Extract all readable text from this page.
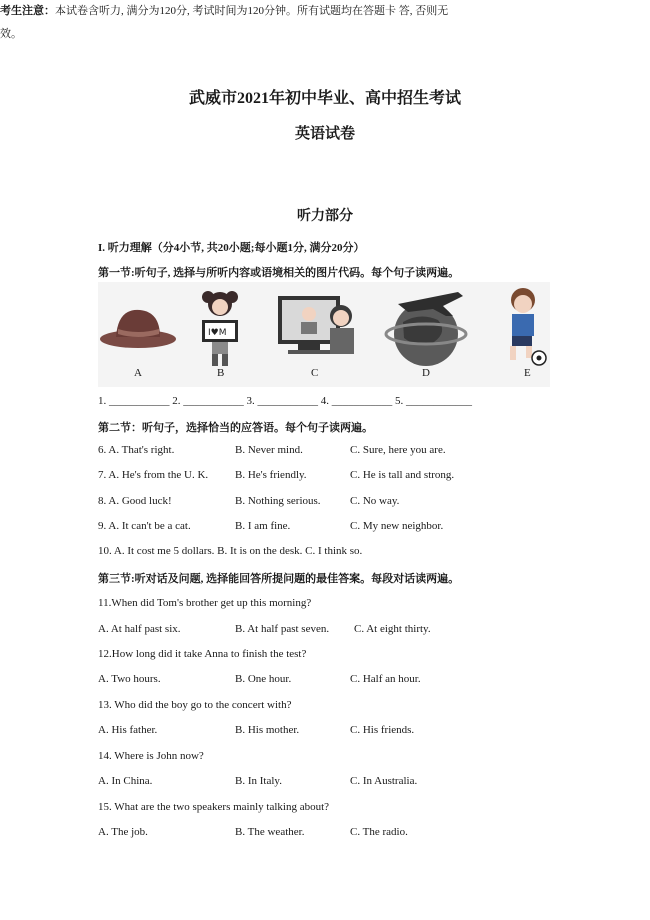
武威市2021年初中毕业、高中招生考试
英语试卷
考生注意：本试卷含听力, 满分为120分, 考试时间为120分钟。所有试题均在答题卡 答, 否则无效。
听力部分
I. 听力理解（分4小节, 共20小题;每小题1分, 满分20分）
第一节:听句子, 选择与所听内容或语境相关的图片代码。每个句子读两遍。
I♥M
A	B	C	D	E
1. ___________ 2. ___________ 3. ___________ 4. ___________ 5. ____________
第二节：听句子，选择恰当的应答语。每个句子读两遍。
6. A. That's right.	B. Never mind.	C. Sure, here you are.
7. A. He's from the U. K. B. He's friendly.	C. He is tall and strong.
8. A. Good luck!	B. Nothing serious.	C. No way.
9. A. It can't be a cat.	B. I am fine.	C. My new neighbor.
10. A. It cost me 5 dollars. B. It is on the desk. C. I think so.
第三节:听对话及问题, 选择能回答所提问题的最佳答案。每段对话读两遍。
11.When did Tom's brother get up this morning?
A. At half past six.	B. At half past seven. C. At eight thirty.
12.How long did it take Anna to finish the test?
A. Two hours.	B. One hour.	C. Half an hour.
13. Who did the boy go to the concert with?
A. His father.	B. His mother.	C. His friends.
14. Where is John now?
A. In China.	B. In Italy.	C. In Australia.
15. What are the two speakers mainly talking about?
A. The job.	B. The weather.	C. The radio.
